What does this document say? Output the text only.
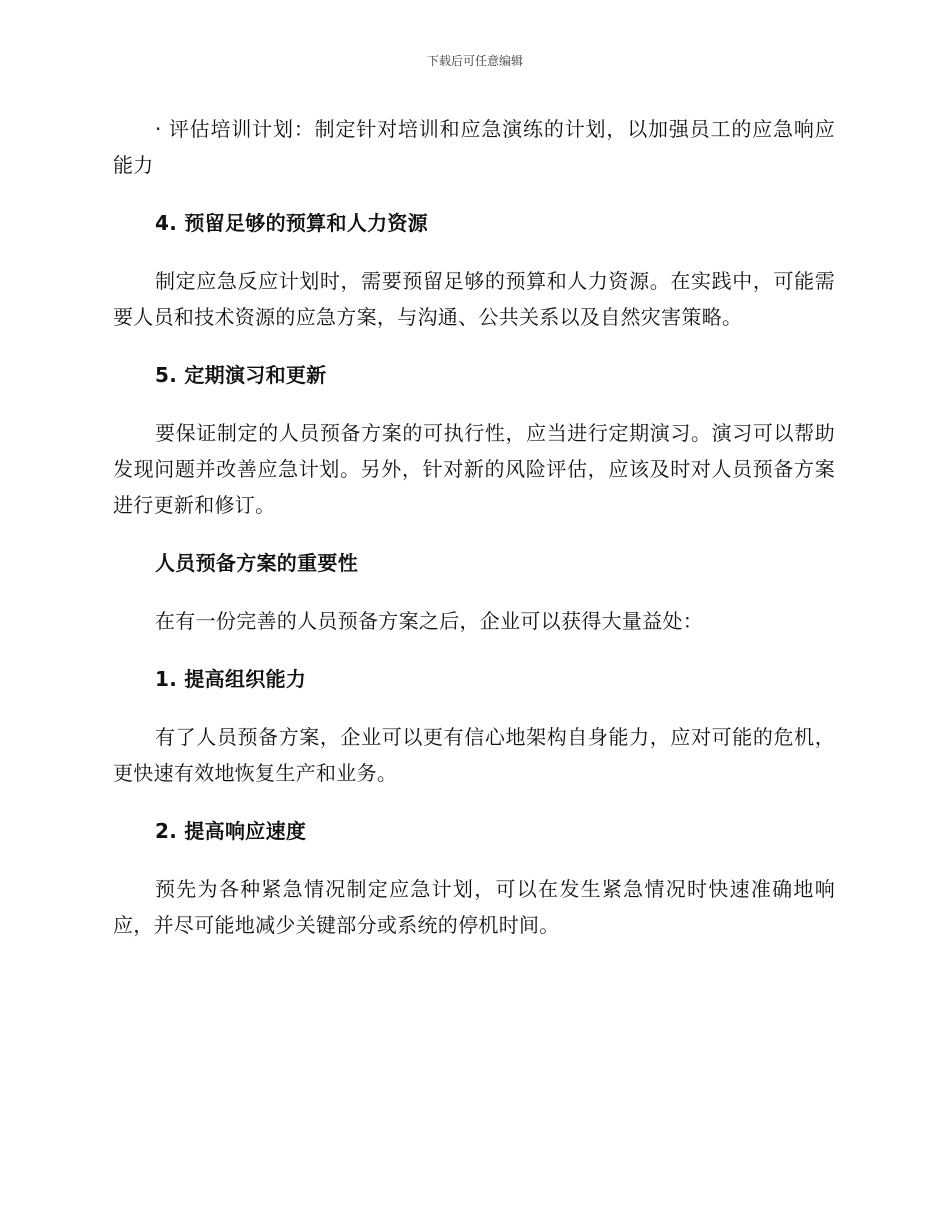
下载后可任意编辑

· 评估培训计划：制定针对培训和应急演练的计划，以加强员工的应急响应能力

4. 预留足够的预算和人力资源

制定应急反应计划时，需要预留足够的预算和人力资源。在实践中，可能需要人员和技术资源的应急方案，与沟通、公共关系以及自然灾害策略。

5. 定期演习和更新

要保证制定的人员预备方案的可执行性，应当进行定期演习。演习可以帮助发现问题并改善应急计划。另外，针对新的风险评估，应该及时对人员预备方案进行更新和修订。

人员预备方案的重要性

在有一份完善的人员预备方案之后，企业可以获得大量益处：

1. 提高组织能力

有了人员预备方案，企业可以更有信心地架构自身能力，应对可能的危机，更快速有效地恢复生产和业务。

2. 提高响应速度

预先为各种紧急情况制定应急计划，可以在发生紧急情况时快速准确地响应，并尽可能地减少关键部分或系统的停机时间。
